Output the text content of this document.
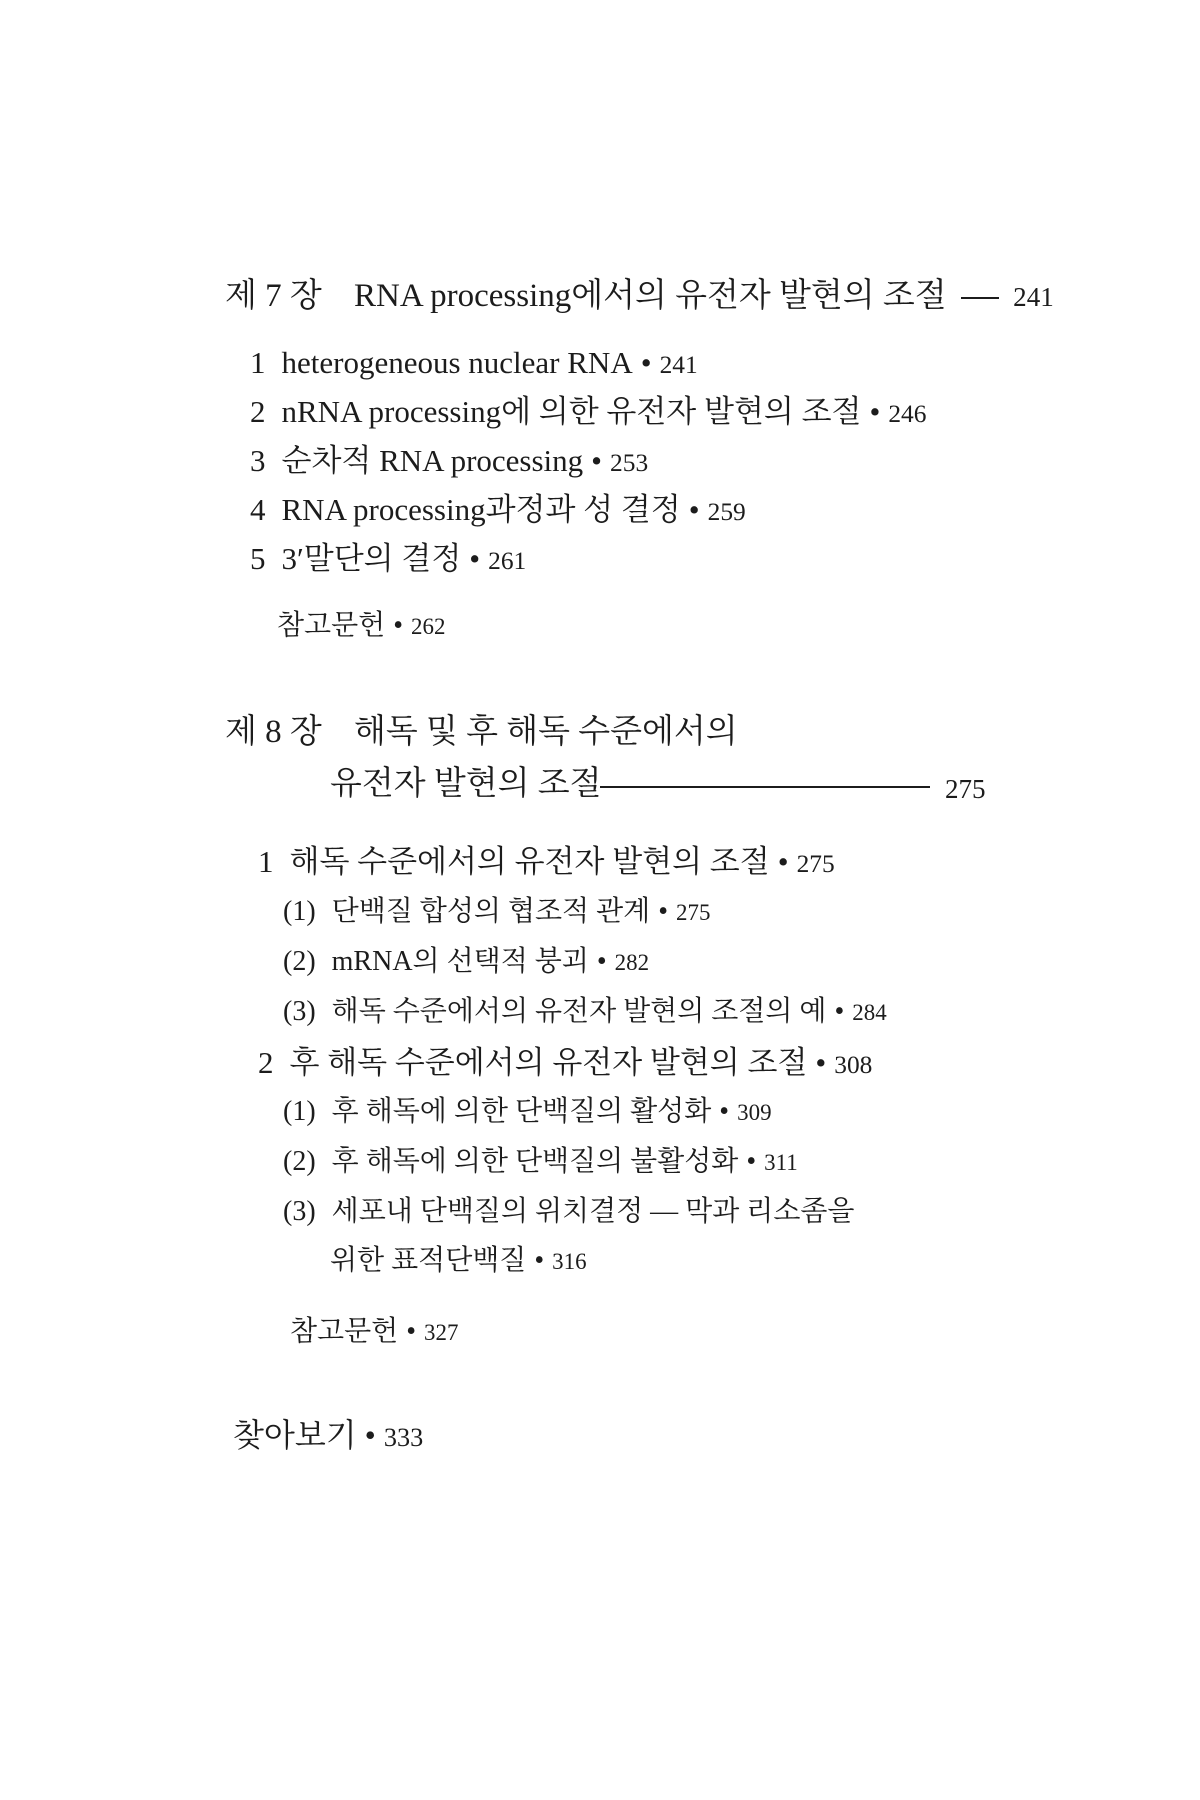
제 7 장 RNA processing에서의 유전자 발현의 조절 241
1 heterogeneous nuclear RNA • 241
2 nRNA processing에 의한 유전자 발현의 조절 • 246
3 순차적 RNA processing • 253
4 RNA processing과정과 성 결정 • 259
5 3′말단의 결정 • 261
참고문헌 • 262
제 8 장 해독 및 후 해독 수준에서의
유전자 발현의 조절	275
1 해독 수준에서의 유전자 발현의 조절 • 275
(1) 단백질 합성의 협조적 관계 • 275
(2) mRNA의 선택적 붕괴 • 282
(3) 해독 수준에서의 유전자 발현의 조절의 예 • 284
2 후 해독 수준에서의 유전자 발현의 조절 • 308
(1) 후 해독에 의한 단백질의 활성화 • 309
(2) 후 해독에 의한 단백질의 불활성화 • 311
(3) 세포내 단백질의 위치결정 — 막과 리소좀을
위한 표적단백질 • 316
참고문헌 • 327
찾아보기 • 333
